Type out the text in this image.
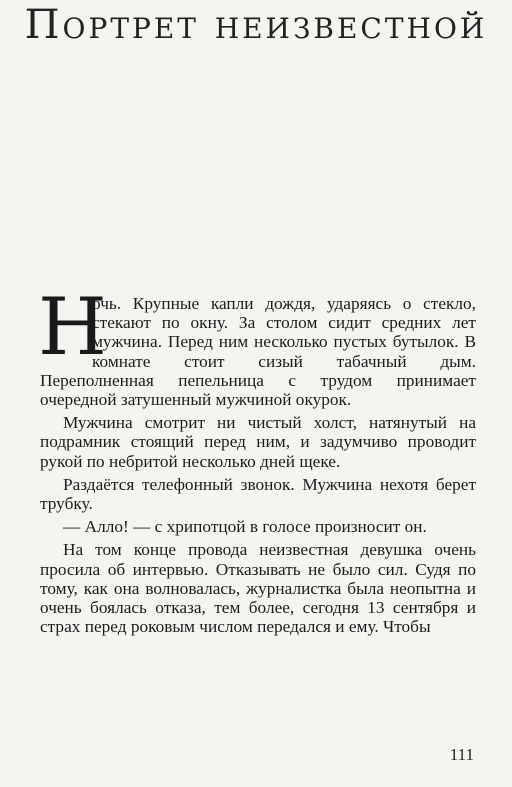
Портрет неизвестной

Н
очь. Крупные капли дождя, ударяясь о стекло, стекают по окну. За столом сидит средних лет мужчина. Перед ним несколько пустых бутылок. В комнате стоит сизый табачный дым. Переполненная пепельница с трудом принимает очередной затушенный мужчиной окурок.

Мужчина смотрит ни чистый холст, натянутый на подрамник стоящий перед ним, и задумчиво проводит рукой по небритой несколько дней щеке.

Раздаётся телефонный звонок. Мужчина нехотя берет трубку.

— Алло! — с хрипотцой в голосе произносит он.

На том конце провода неизвестная девушка очень просила об интервью. Отказывать не было сил. Судя по тому, как она волновалась, журналистка была неопытна и очень боялась отказа, тем более, сегодня 13 сентября и страх перед роковым числом передался и ему. Чтобы

111
